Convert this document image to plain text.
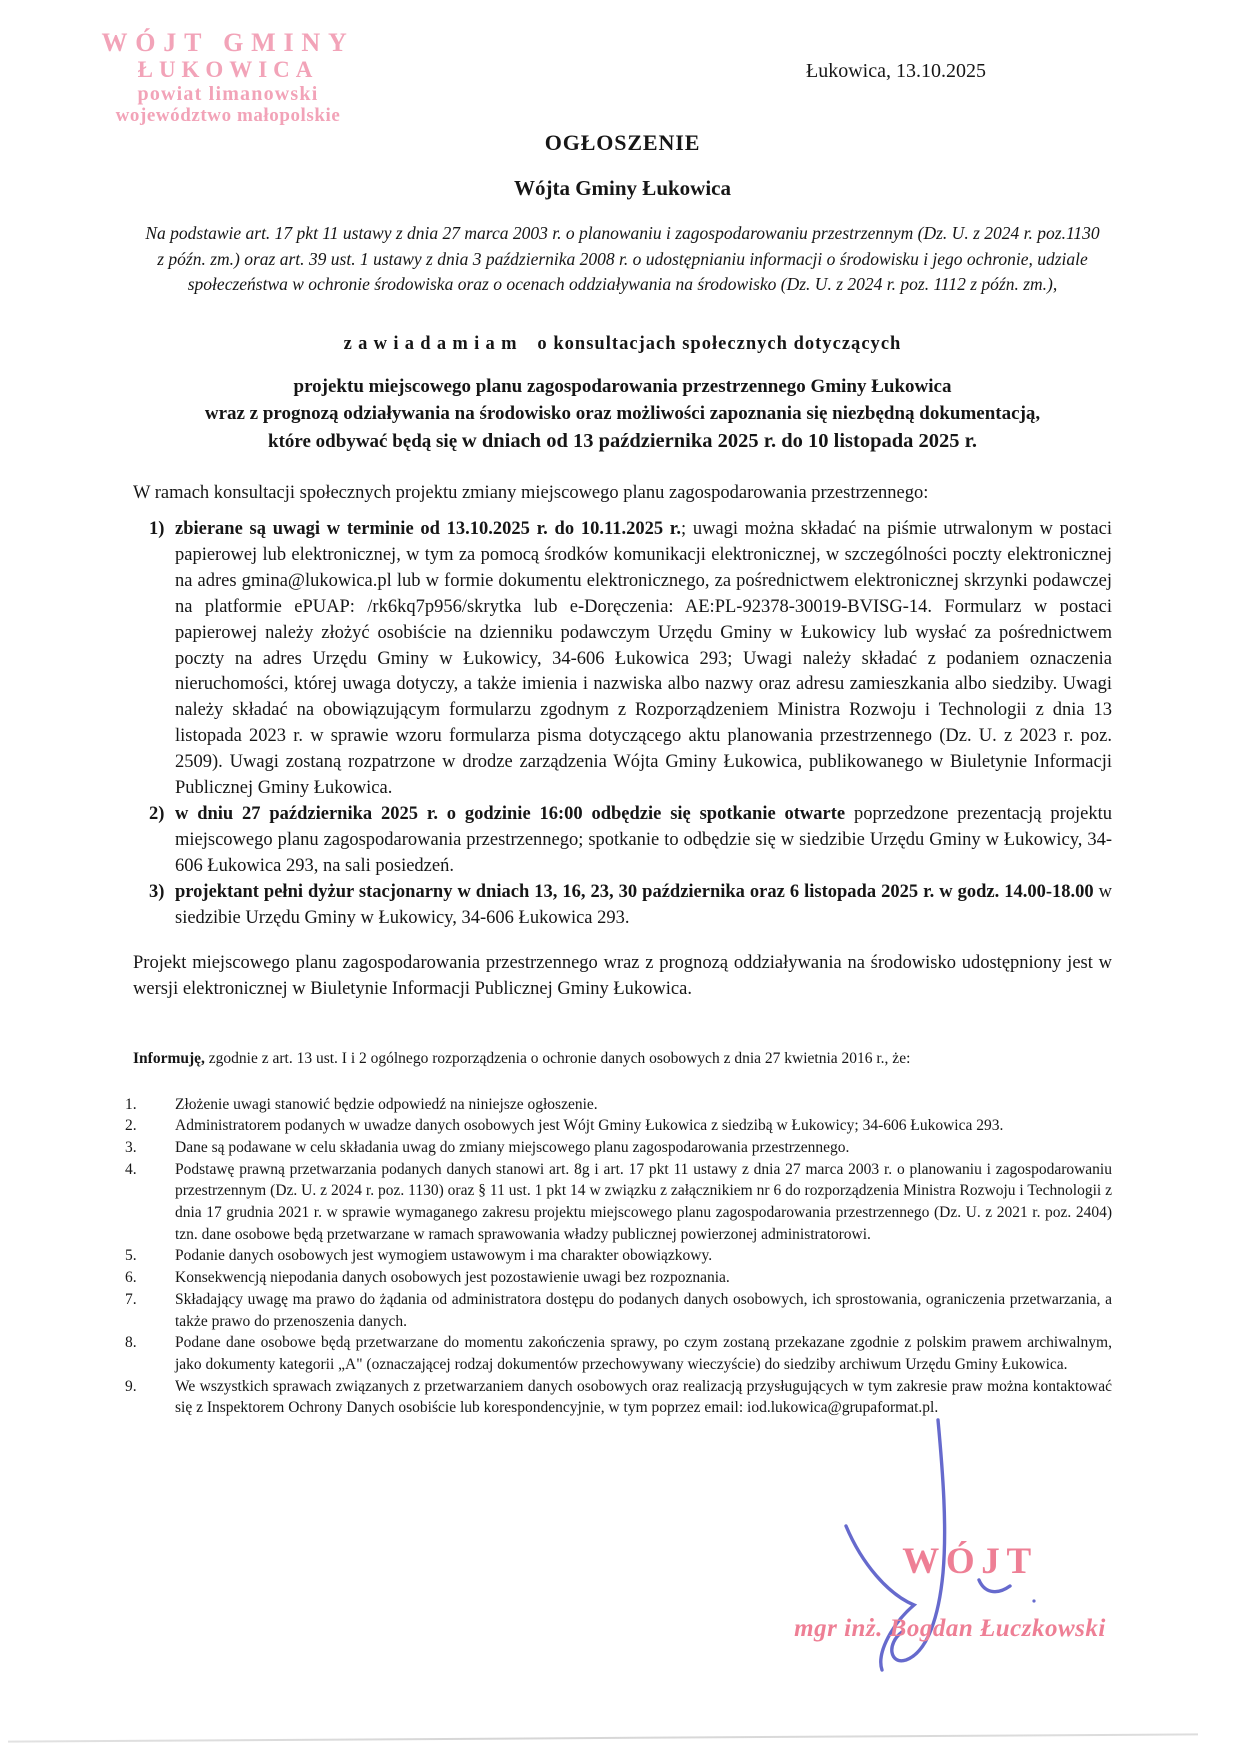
WÓJT GMINY
ŁUKOWICA
powiat limanowski
województwo małopolskie
Łukowica, 13.10.2025
OGŁOSZENIE
Wójta Gminy Łukowica
Na podstawie art. 17 pkt 11 ustawy z dnia 27 marca 2003 r. o planowaniu i zagospodarowaniu przestrzennym (Dz. U. z 2024 r. poz.1130 z późn. zm.) oraz art. 39 ust. 1 ustawy z dnia 3 października 2008 r. o udostępnianiu informacji o środowisku i jego ochronie, udziale społeczeństwa w ochronie środowiska oraz o ocenach oddziaływania na środowisko (Dz. U. z 2024 r. poz. 1112 z późn. zm.),
zawiadamiam o konsultacjach społecznych dotyczących
projektu miejscowego planu zagospodarowania przestrzennego Gminy Łukowica
wraz z prognozą odziaływania na środowisko oraz możliwości zapoznania się niezbędną dokumentacją,
które odbywać będą się w dniach od 13 października 2025 r. do 10 listopada 2025 r.
W ramach konsultacji społecznych projektu zmiany miejscowego planu zagospodarowania przestrzennego:
1) zbierane są uwagi w terminie od 13.10.2025 r. do 10.11.2025 r.; uwagi można składać na piśmie utrwalonym w postaci papierowej lub elektronicznej, w tym za pomocą środków komunikacji elektronicznej, w szczególności poczty elektronicznej na adres gmina@lukowica.pl lub w formie dokumentu elektronicznego, za pośrednictwem elektronicznej skrzynki podawczej na platformie ePUAP: /rk6kq7p956/skrytka lub e-Doręczenia: AE:PL-92378-30019-BVISG-14. Formularz w postaci papierowej należy złożyć osobiście na dzienniku podawczym Urzędu Gminy w Łukowicy lub wysłać za pośrednictwem poczty na adres Urzędu Gminy w Łukowicy, 34-606 Łukowica 293; Uwagi należy składać z podaniem oznaczenia nieruchomości, której uwaga dotyczy, a także imienia i nazwiska albo nazwy oraz adresu zamieszkania albo siedziby. Uwagi należy składać na obowiązującym formularzu zgodnym z Rozporządzeniem Ministra Rozwoju i Technologii z dnia 13 listopada 2023 r. w sprawie wzoru formularza pisma dotyczącego aktu planowania przestrzennego (Dz. U. z 2023 r. poz. 2509). Uwagi zostaną rozpatrzone w drodze zarządzenia Wójta Gminy Łukowica, publikowanego w Biuletynie Informacji Publicznej Gminy Łukowica.
2) w dniu 27 października 2025 r. o godzinie 16:00 odbędzie się spotkanie otwarte poprzedzone prezentacją projektu miejscowego planu zagospodarowania przestrzennego; spotkanie to odbędzie się w siedzibie Urzędu Gminy w Łukowicy, 34-606 Łukowica 293, na sali posiedzeń.
3) projektant pełni dyżur stacjonarny w dniach 13, 16, 23, 30 października oraz 6 listopada 2025 r. w godz. 14.00-18.00 w siedzibie Urzędu Gminy w Łukowicy, 34-606 Łukowica 293.
Projekt miejscowego planu zagospodarowania przestrzennego wraz z prognozą oddziaływania na środowisko udostępniony jest w wersji elektronicznej w Biuletynie Informacji Publicznej Gminy Łukowica.
Informuję, zgodnie z art. 13 ust. I i 2 ogólnego rozporządzenia o ochronie danych osobowych z dnia 27 kwietnia 2016 r., że:
1.	Złożenie uwagi stanowić będzie odpowiedź na niniejsze ogłoszenie.
2.	Administratorem podanych w uwadze danych osobowych jest Wójt Gminy Łukowica z siedzibą w Łukowicy; 34-606 Łukowica 293.
3.	Dane są podawane w celu składania uwag do zmiany miejscowego planu zagospodarowania przestrzennego.
4.	Podstawę prawną przetwarzania podanych danych stanowi art. 8g i art. 17 pkt 11 ustawy z dnia 27 marca 2003 r. o planowaniu i zagospodarowaniu przestrzennym (Dz. U. z 2024 r. poz. 1130) oraz § 11 ust. 1 pkt 14 w związku z załącznikiem nr 6 do rozporządzenia Ministra Rozwoju i Technologii z dnia 17 grudnia 2021 r. w sprawie wymaganego zakresu projektu miejscowego planu zagospodarowania przestrzennego (Dz. U. z 2021 r. poz. 2404) tzn. dane osobowe będą przetwarzane w ramach sprawowania władzy publicznej powierzonej administratorowi.
5.	Podanie danych osobowych jest wymogiem ustawowym i ma charakter obowiązkowy.
6.	Konsekwencją niepodania danych osobowych jest pozostawienie uwagi bez rozpoznania.
7.	Składający uwagę ma prawo do żądania od administratora dostępu do podanych danych osobowych, ich sprostowania, ograniczenia przetwarzania, a także prawo do przenoszenia danych.
8.	Podane dane osobowe będą przetwarzane do momentu zakończenia sprawy, po czym zostaną przekazane zgodnie z polskim prawem archiwalnym, jako dokumenty kategorii „A" (oznaczającej rodzaj dokumentów przechowywany wieczyście) do siedziby archiwum Urzędu Gminy Łukowica.
9.	We wszystkich sprawach związanych z przetwarzaniem danych osobowych oraz realizacją przysługujących w tym zakresie praw można kontaktować się z Inspektorem Ochrony Danych osobiście lub korespondencyjnie, w tym poprzez email: iod.lukowica@grupaformat.pl.
WÓJT
mgr inż. Bogdan Łuczkowski
